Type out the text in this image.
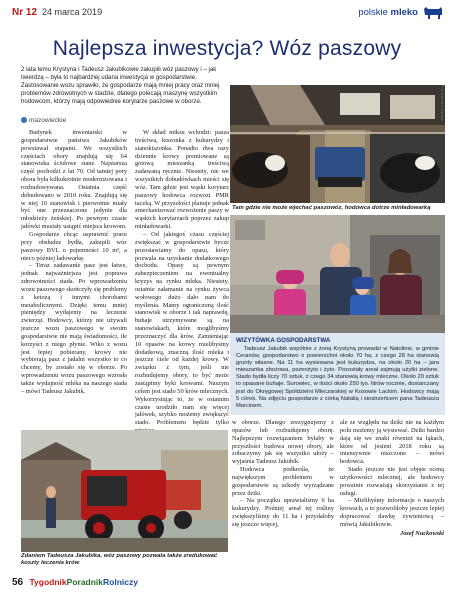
Nr 12 24 marca 2019	polskie mleko
Najlepsza inwestycja? Wóz paszowy
2 lata temu Krystyna i Tadeusz Jakubikowie zakupili wóz paszowy i – jak twierdzą – była to najbardziej udana inwestycja w gospodarstwie. Zastosowanie wozu sprawiło, że gospodarze mają mniej pracy oraz mniej problemów zdrowotnych w stadzie, dlatego polecają maszynę wszystkim hodowcom, którzy mają odpowiednie korytarze paszowe w oborze.
mazowieckie

Budynek inwentarski w gospodarstwie państwa Jakubików powstawał etapami. We wszystkich częściach obory znajdują się 64 stanowiska ściołowe stane. Najstarsza część pochodzi z lat 70. Od tamtej pory obora była kilkukrotnie modernizowana i rozbudowywana. Ostatnia część dobudowano w 2010 roku. Znajdują się w niej 10 stanowisk i pierwotnie miały być one przeznaczone jedynie dla młodzieży żeńskiej. Po pewnym czasie jałówki musiały ustąpić miejsca krowom.

Gospodarze chcąc usprawnić prace przy obsłudze bydła, zakupili wóz paszowy BVL o pojemności 10 m³, a nieco później ładowarkę.

– Teraz zadawanie pasz jest łatwe, jednak najważniejsza jest poprawa zdrowotności stada. Po wprowadzeniu wozu paszowego skończyły się problemy z ketozą i innymi chorobami metabolicznymi. Dzięki temu mniej pieniędzy wydajemy na leczenie zwierząt. Hodowcy, którzy nie używali jeszcze wozu paszowego w swoim gospodarstwie nie mają świadomości, ile korzyści z niego płynie. Wiko z wozu jest lepiej pobierany, krowy nie wybierają pasz z jadalni wszystko to co chcemy, by zostało się w oborze. Po wprowadzeniu wozu paszowego wzrosła także wydajność mleka na naszego stada – mówi Tadeusz Jakubik.

W skład miksu wchodzi: pasza treściwa, kiszonka z kukurydzy i sianokiszonka. Ponadto dwa razy dziennie krowy premiowane są gotową mieszanką treściwą zadawaną ręcznie. Niestety, nie we wszystkich dobudówkach mieści się wóz. Tam gdzie jest wąski korytarz paszowy hodowca rozwozi PMR taczką. W przyszłości planuje jednak zmechanizować rozwożenie paszy w wąskich korytarzach poprzez zakup minładowarki.

– Od jakiegoś czasu częściej zwiększać w gospodarstwie bycze pozostawiamy do opasu, który pozwala na uzyskanie dodatkowego dochodu. Opasy są pewnym zabezpieczeniem na ewentualny kryzys na rynku mleka. Niestety, ostatnie załamanie na rynku żywca wołowego dużo dało nam do myślenia. Mamy ograniczoną ilość stanowisk w oborze i tak naprawdę, buhaje utrzymywane są na stanowiskach, które mogłibyśmy przeznaczyć dla krów. Zamieniając 10 opasów na krowy mielibyśmy dodatkową, znaczną ilość mleka i jeszcze ciele od każdej krowy. W związku z tym, jeśli nie rozbudujemy obory, to być może zastąpimy byki krowami. Naszym celem jest stado 50 krów mlecznych. Wykorzystując to, że w ostatnim czasie urodziło nam się więcej jałówek, szybko możemy zwiększyć stado. Problemem będzie tylko

Fot. Karolina Syntek
Tam gdzie nie może wjechać paszowóz, hodowca dotrze minładowarką
WIZYTÓWKA GOSPODARSTWA
Tadeusz Jakubik wspólnie z żoną Krystyną prowadzi w Natolinie, w gminie Ceranów, gospodarstwo o powierzchni około 70 ha, z czego 28 ha stanowią grunty własne. Na 11 ha wysiewana jest kukurydza, na około 20 ha – jara mieszanka zbożowa, pszenżyto i żyto. Pozostały areał zajmują użytki zielone. Stado bydła liczy 70 sztuk, z czego 34 stanowią krowy mleczne. Około 20 sztuk to opasane buhaje. Surowiec, w ilości około 250 tys. litrów rocznie, dostarczany jest do Okręgowej Spółdzielni Mleczarskiej w Kosowie Lackim. Hodowcy mają 5 córek. Na zdjęciu gospodarze z córką Natalią i siostrzeńcem pana Tadeusza Marcinem.
Zdaniem Tadeusza Jakubika, wóz paszowy pozwala także zredukować koszty leczenia krów

w oborze. Dlatego zrezygnujemy z opasów lub rozbudujemy oborę. Najlepszym rozwiązaniem byłaby w przyszłości budowa nowej obory, ale zobaczymy jak się wszystko ułoży – wyjaśnia Tadeusz Jakubik.

Hodowca podkreśla, że największym problemem w gospodarstwie są szkody wyrządzane przez dziki.

– Na początku uprawialiśmy 6 ha kukurydzy. Później areał tej rośliny zwiększyliśmy do 11 ha i przydałoby się jeszcze więcej,

ale ze względu na dziki nie na każdym polu możemy ją wysiewać. Dziki bardzo dają się we znaki również na łąkach, które od jesieni 2018 roku są intensywnie niszczone – mówi hodowca.

Stado jeszcze nie jest objęte oceną użytkowości mlecznej, ale hodowcy powainie rozważają skorzystanie z tej usługi.

– Mielibyśmy informacje o naszych krowach, a to pozwoliłoby jeszcze lepiej dopracować dawkę żywieniową – mówią Jakubikowie.

Józef Nuckowski
56 TygodnikPoradnikRolniczy
